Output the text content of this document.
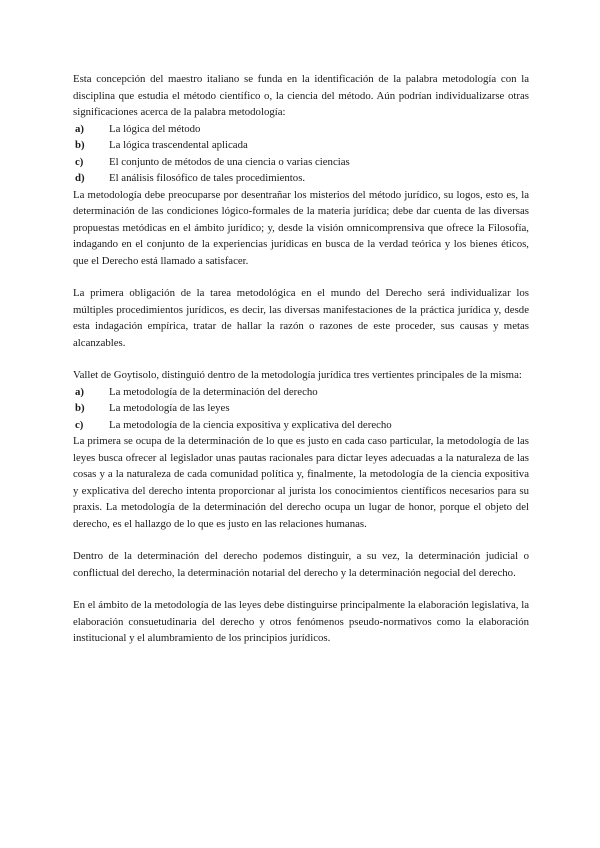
Esta concepción del maestro italiano se funda en la identificación de la palabra metodología con la disciplina que estudia el método científico o, la ciencia del método. Aún podrían individualizarse otras significaciones acerca de la palabra metodología:

a)	La lógica del método
b)	La lógica trascendental aplicada
c)	El conjunto de métodos de una ciencia o varias ciencias
d)	El análisis filosófico de tales procedimientos.

La metodología debe preocuparse por desentrañar los misterios del método jurídico, su logos, esto es, la determinación de las condiciones lógico-formales de la materia jurídica; debe dar cuenta de las diversas propuestas metódicas en el ámbito jurídico; y, desde la visión omnicomprensiva que ofrece la Filosofía, indagando en el conjunto de la experiencias jurídicas en busca de la verdad teórica y los bienes éticos, que el Derecho está llamado a satisfacer.

La primera obligación de la tarea metodológica en el mundo del Derecho será individualizar los múltiples procedimientos jurídicos, es decir, las diversas manifestaciones de la práctica jurídica y, desde esta indagación empírica, tratar de hallar la razón o razones de este proceder, sus causas y metas alcanzables.

Vallet de Goytisolo, distinguió dentro de la metodología jurídica tres vertientes principales de la misma:

a)	La metodología de la determinación del derecho
b)	La metodología de las leyes
c)	La metodología de la ciencia expositiva y explicativa del derecho

La primera se ocupa de la determinación de lo que es justo en cada caso particular, la metodología de las leyes busca ofrecer al legislador unas pautas racionales para dictar leyes adecuadas a la naturaleza de las cosas y a la naturaleza de cada comunidad política y, finalmente, la metodología de la ciencia expositiva y explicativa del derecho intenta proporcionar al jurista los conocimientos científicos necesarios para su praxis. La metodología de la determinación del derecho ocupa un lugar de honor, porque el objeto del derecho, es el hallazgo de lo que es justo en las relaciones humanas.

Dentro de la determinación del derecho podemos distinguir, a su vez, la determinación judicial o conflictual del derecho, la determinación notarial del derecho y la determinación negocial del derecho.

En el ámbito de la metodología de las leyes debe distinguirse principalmente la elaboración legislativa, la elaboración consuetudinaria del derecho y otros fenómenos pseudo-normativos como la elaboración institucional y el alumbramiento de los principios jurídicos.
